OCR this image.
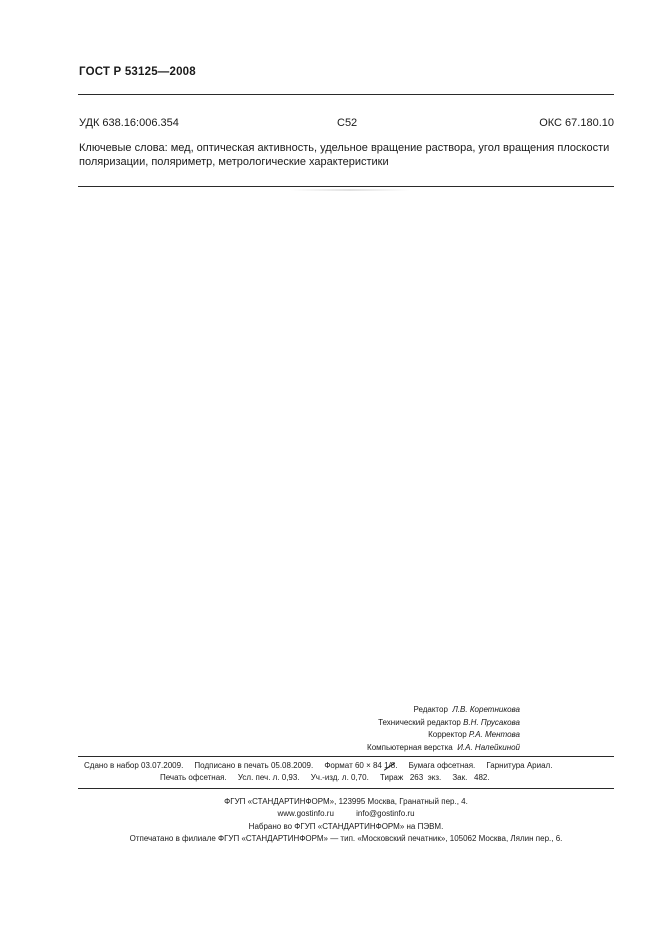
ГОСТ Р 53125—2008
УДК 638.16:006.354	С52	ОКС 67.180.10
Ключевые слова: мед, оптическая активность, удельное вращение раствора, угол вращения плоскости
поляризации, поляриметр, метрологические характеристики
Редактор Л.В. Коретникова
Технический редактор В.Н. Прусакова
Корректор Р.А. Ментова
Компьютерная верстка И.А. Налейкиной
Сдано в набор 03.07.2009. Подписано в печать 05.08.2009. Формат 60 × 84 1/8. Бумага офсетная. Гарнитура Ариал.
Печать офсетная. Усл. печ. л. 0,93. Уч.-изд. л. 0,70. Тираж   263  экз. Зак.   482.
ФГУП «СТАНДАРТИНФОРМ», 123995 Москва, Гранатный пер., 4.
www.gostinfo.ru	info@gostinfo.ru
Набрано во ФГУП «СТАНДАРТИНФОРМ» на ПЭВМ.
Отпечатано в филиале ФГУП «СТАНДАРТИНФОРМ» — тип. «Московский печатник», 105062 Москва, Лялин пер., 6.
